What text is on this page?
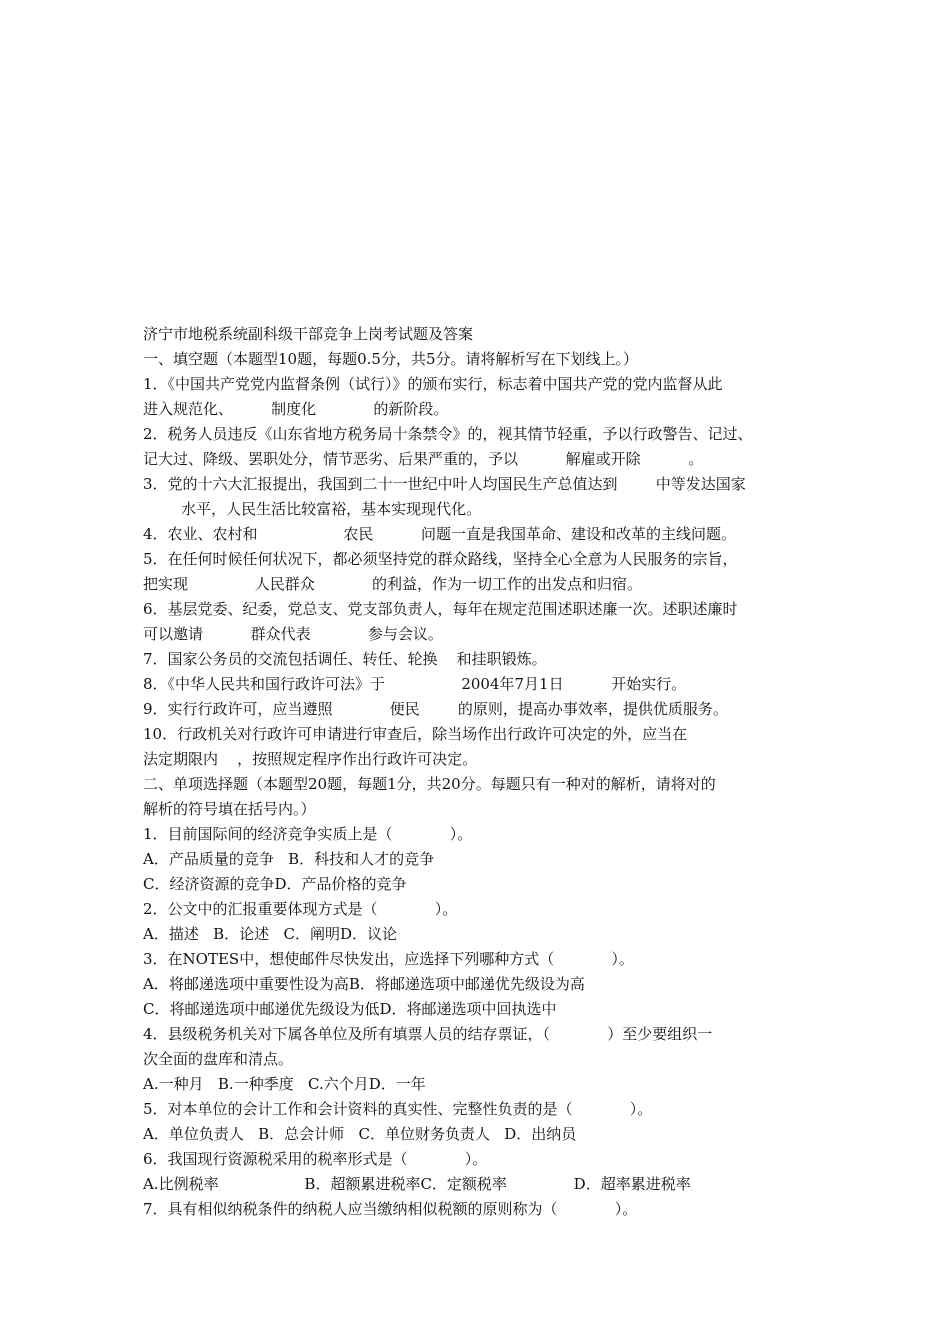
济宁市地税系统副科级干部竞争上岗考试题及答案
一、填空题（本题型10题，每题0.5分，共5分。请将解析写在下划线上。）
1．《中国共产党党内监督条例（试行）》的颁布实行，标志着中国共产党的党内监督从此
进入规范化、        制度化            的新阶段。
2．税务人员违反《山东省地方税务局十条禁令》的，视其情节轻重，予以行政警告、记过、
记大过、降级、罢职处分，情节恶劣、后果严重的，予以          解雇或开除          。
3．党的十六大汇报提出，我国到二十一世纪中叶人均国民生产总值达到        中等发达国家
水平，人民生活比较富裕，基本实现现代化。
4．农业、农村和                  农民          问题一直是我国革命、建设和改革的主线问题。
5．在任何时候任何状况下，都必须坚持党的群众路线，坚持全心全意为人民服务的宗旨，
把实现              人民群众            的利益，作为一切工作的出发点和归宿。
6．基层党委、纪委，党总支、党支部负责人，每年在规定范围述职述廉一次。述职述廉时
可以邀请          群众代表            参与会议。
7．国家公务员的交流包括调任、转任、轮换    和挂职锻炼。
8．《中华人民共和国行政许可法》于                2004年7月1日          开始实行。
9．实行行政许可，应当遵照            便民        的原则，提高办事效率，提供优质服务。
10．行政机关对行政许可申请进行审查后，除当场作出行政许可决定的外，应当在
法定期限内    ，按照规定程序作出行政许可决定。
二、单项选择题（本题型20题，每题1分，共20分。每题只有一种对的解析，请将对的
解析的符号填在括号内。）
1．目前国际间的经济竞争实质上是（            ）。
A．产品质量的竞争   B．科技和人才的竞争
C．经济资源的竞争D．产品价格的竞争
2．公文中的汇报重要体现方式是（            ）。
A．描述   B．论述   C．阐明D．议论
3．在NOTES中，想使邮件尽快发出，应选择下列哪种方式（            ）。
A．将邮递选项中重要性设为高B．将邮递选项中邮递优先级设为高
C．将邮递选项中邮递优先级设为低D．将邮递选项中回执选中
4．县级税务机关对下属各单位及所有填票人员的结存票证，（            ）至少要组织一
次全面的盘库和清点。
A.一种月   B.一种季度   C.六个月D．一年
5．对本单位的会计工作和会计资料的真实性、完整性负责的是（            ）。
A．单位负责人   B．总会计师   C．单位财务负责人   D．出纳员
6．我国现行资源税采用的税率形式是（            ）。
A.比例税率                  B．超额累进税率C．定额税率              D．超率累进税率
7．具有相似纳税条件的纳税人应当缴纳相似税额的原则称为（            ）。
